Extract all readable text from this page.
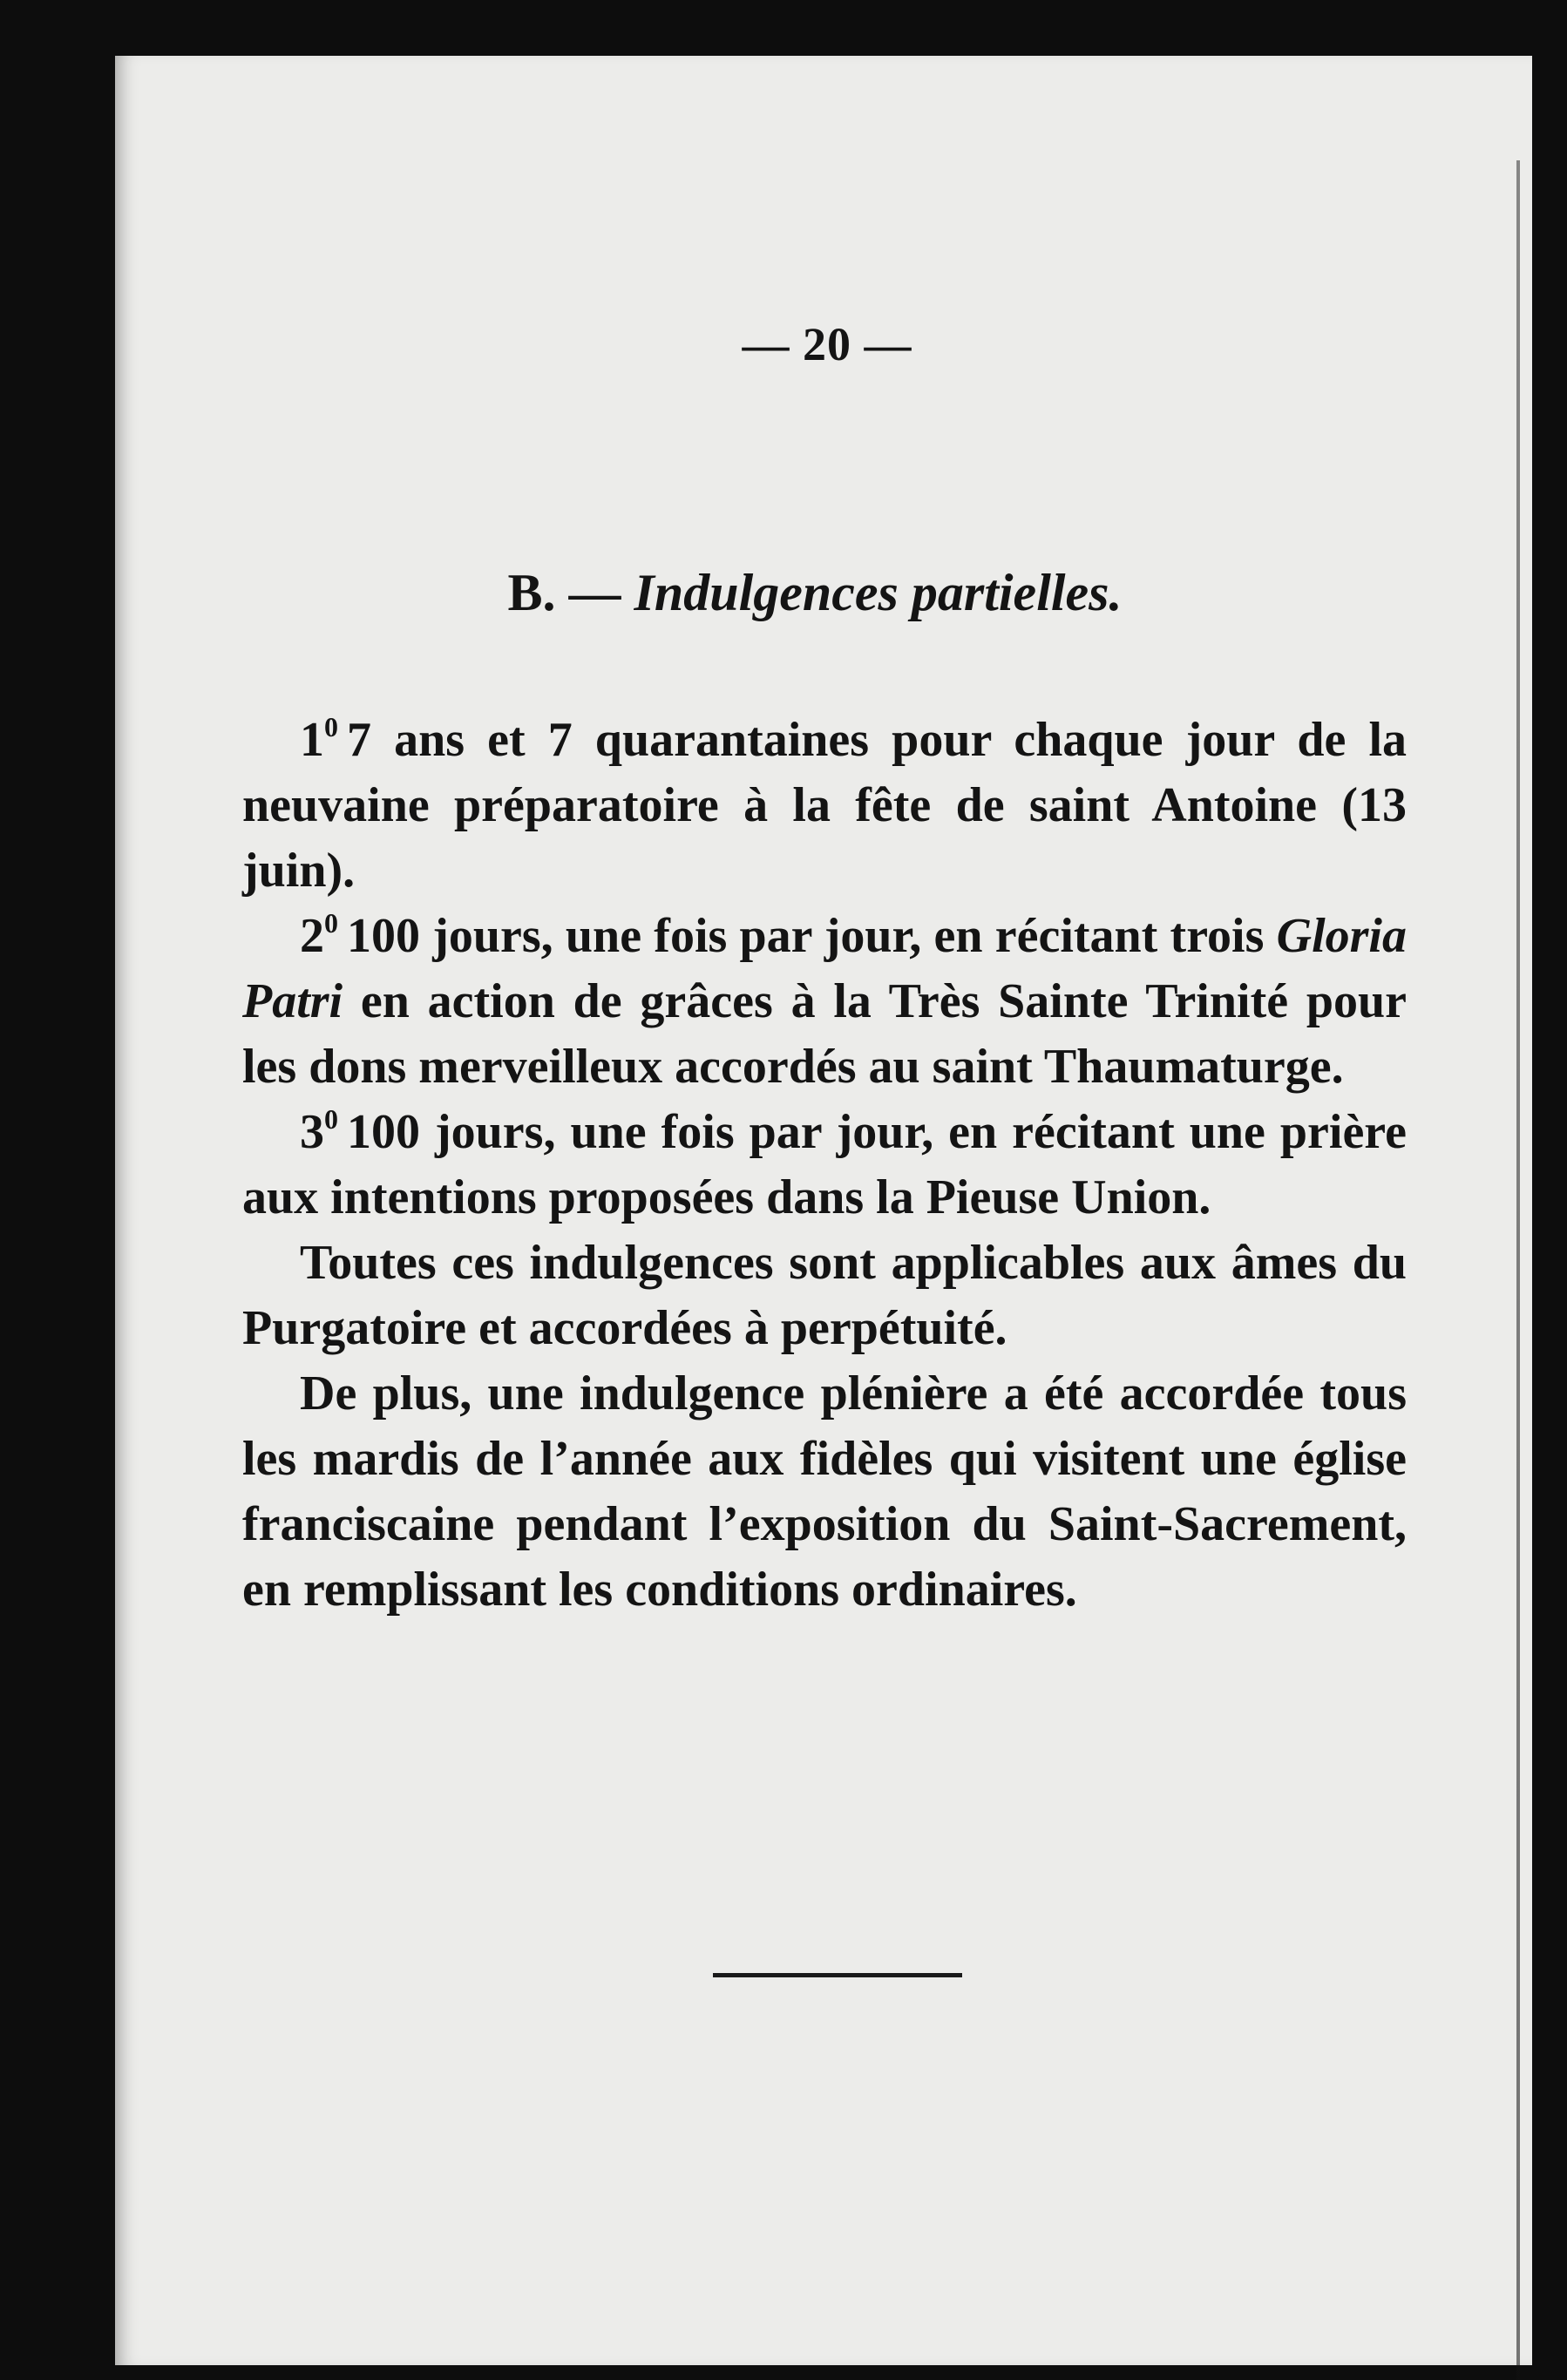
— 20 —
B. — Indulgences partielles.

$1^0$ 7 ans et 7 quarantaines pour chaque jour de la neuvaine préparatoire à la fête de saint Antoine (13 juin).

$2^0$ 100 jours, une fois par jour, en récitant trois Gloria Patri en action de grâces à la Très Sainte Trinité pour les dons merveilleux accordés au saint Thaumaturge.

$3^0$ 100 jours, une fois par jour, en récitant une prière aux intentions proposées dans la Pieuse Union.

Toutes ces indulgences sont applicables aux âmes du Purgatoire et accordées à perpétuité.

De plus, une indulgence plénière a été accordée tous les mardis de l’année aux fidèles qui visitent une église franciscaine pendant l’exposition du Saint-Sacrement, en remplissant les conditions ordinaires.
